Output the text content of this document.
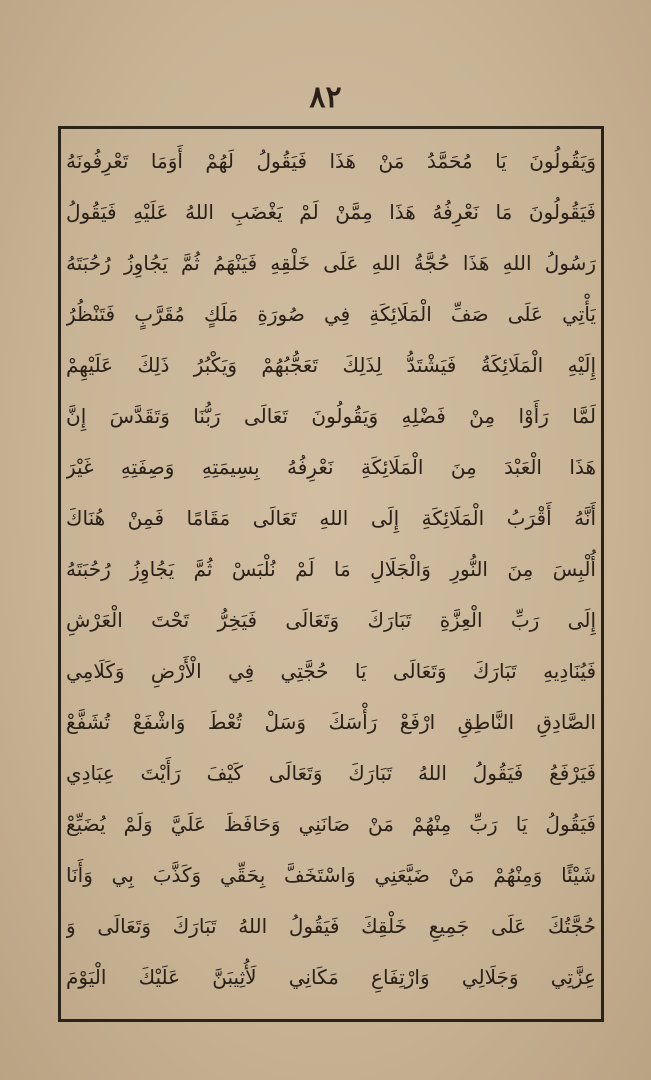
٨٢
وَيَقُولُونَ يَا مُحَمَّدُ مَنْ هَذَا فَيَقُولُ لَهُمْ أَوَمَا تَعْرِفُونَهُ
فَيَقُولُونَ مَا نَعْرِفُهُ هَذَا مِمَّنْ لَمْ يَغْضَبِ اللهُ عَلَيْهِ فَيَقُولُ
رَسُولُ اللهِ هَذَا حُجَّةُ اللهِ عَلَى خَلْقِهِ فَيَنْهَمُ ثُمَّ يَجُاوِزُ رُحُبَتَهُ
يَأْتِي عَلَى صَفِّ الْمَلَائِكَةِ فِي صُورَةِ مَلَكٍ مُقَرَّبٍ فَتَنْظُرُ
إِلَيْهِ الْمَلَائِكَةُ فَيَشْتَدُّ لِذَلِكَ تَعَجُّبُهُمْ وَيَكْبُرُ ذَلِكَ عَلَيْهِمْ
لَمَّا رَأَوْا مِنْ فَضْلِهِ وَيَقُولُونَ تَعَالَى رَبُّنَا وَتَقَدَّسَ إِنَّ
هَذَا الْعَبْدَ مِنَ الْمَلَائِكَةِ نَعْرِفُهُ بِسِيمَتِهِ وَصِفَتِهِ غَيْرَ
أَنَّهُ أَقْرَبُ الْمَلَائِكَةِ إِلَى اللهِ تَعَالَى مَقَامًا فَمِنْ هُنَاكَ
أُلْبِسَ مِنَ النُّورِ وَالْجَلَالِ مَا لَمْ نُلْبَسْ ثُمَّ يَجُاوِزُ رُحُبَتَهُ
إِلَى رَبِّ الْعِزَّةِ تَبَارَكَ وَتَعَالَى فَيَخِرُّ تَحْتَ الْعَرْشِ
فَيُنَادِيهِ تَبَارَكَ وَتَعَالَى يَا حُجَّتِي فِي الْأَرْضِ وَكَلَامِي
الصَّادِقِ النَّاطِقِ ارْفَعْ رَأْسَكَ وَسَلْ تُعْطَ وَاشْفَعْ تُشَفَّعْ
فَيَرْفَعُ فَيَقُولُ اللهُ تَبَارَكَ وَتَعَالَى كَيْفَ رَأَيْتَ عِبَادِي
فَيَقُولُ يَا رَبِّ مِنْهُمْ مَنْ صَانَنِي وَحَافَظَ عَلَيَّ وَلَمْ يُضَيِّعْ
شَيْئًا وَمِنْهُمْ مَنْ ضَيَّعَنِي وَاسْتَخَفَّ بِحَقِّي وَكَذَّبَ بِي وَأَنَا
حُجَّتُكَ عَلَى جَمِيعِ خَلْقِكَ فَيَقُولُ اللهُ تَبَارَكَ وَتَعَالَى وَ
عِزَّتِي وَجَلَالِي وَارْتِفَاعِ مَكَانِي لَأُثِيبَنَّ عَلَيْكَ الْيَوْمَ
